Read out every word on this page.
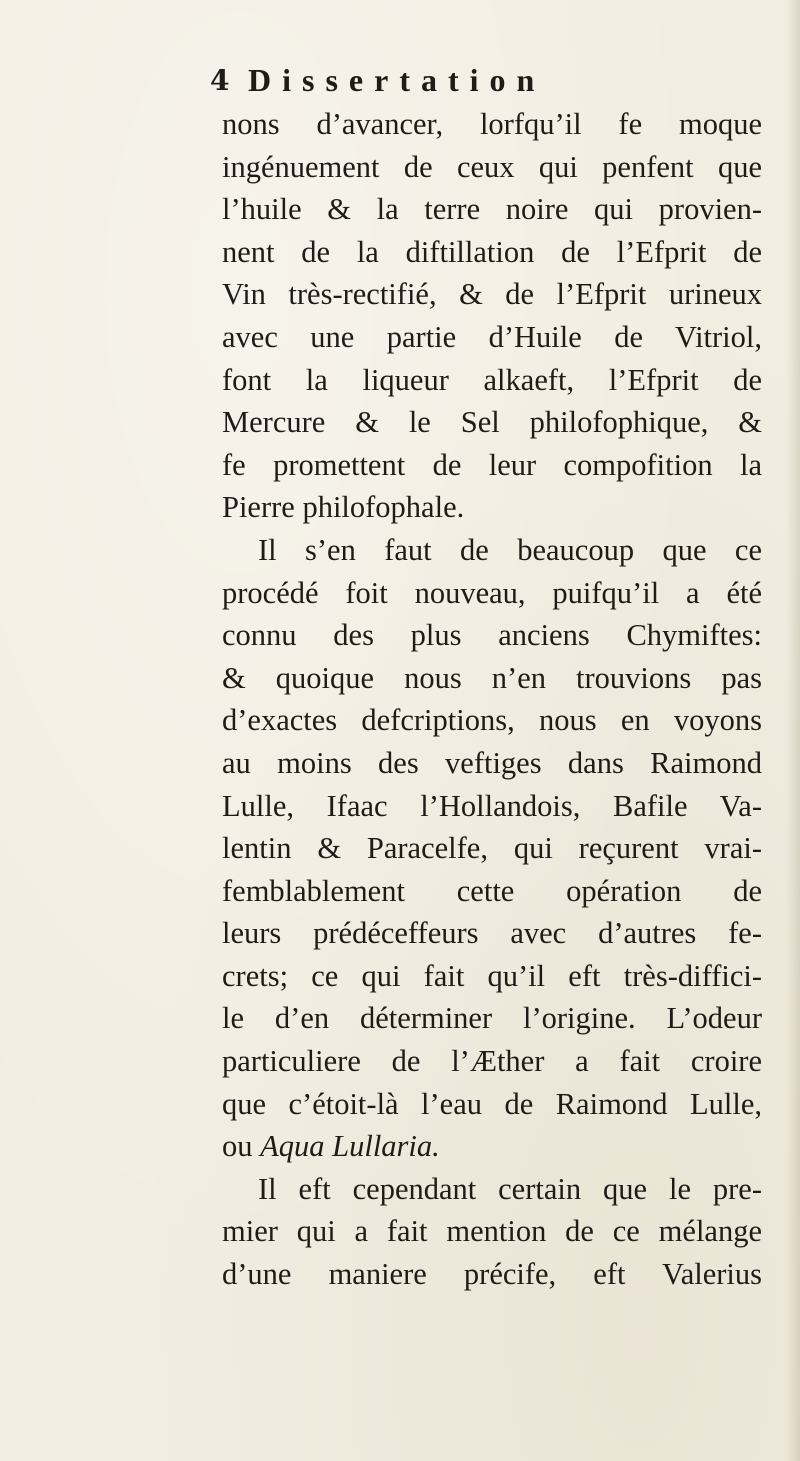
4 Dissertation
nons d’avancer, lorfqu’il fe moque
ingénuement de ceux qui penfent que
l’huile & la terre noire qui provien-
nent de la diftillation de l’Efprit de
Vin très-rectifié, & de l’Efprit urineux
avec une partie d’Huile de Vitriol,
font la liqueur alkaeft, l’Efprit de
Mercure & le Sel philofophique, &
fe promettent de leur compofition la
Pierre philofophale.
Il s’en faut de beaucoup que ce
procédé foit nouveau, puifqu’il a été
connu des plus anciens Chymiftes:
& quoique nous n’en trouvions pas
d’exactes defcriptions, nous en voyons
au moins des veftiges dans Raimond
Lulle, Ifaac l’Hollandois, Bafile Va-
lentin & Paracelfe, qui reçurent vrai-
femblablement cette opération de
leurs prédéceffeurs avec d’autres fe-
crets; ce qui fait qu’il eft très-diffici-
le d’en déterminer l’origine. L’odeur
particuliere de l’Æther a fait croire
que c’étoit-là l’eau de Raimond Lulle,
ou Aqua Lullaria.
Il eft cependant certain que le pre-
mier qui a fait mention de ce mélange
d’une maniere précife, eft Valerius
